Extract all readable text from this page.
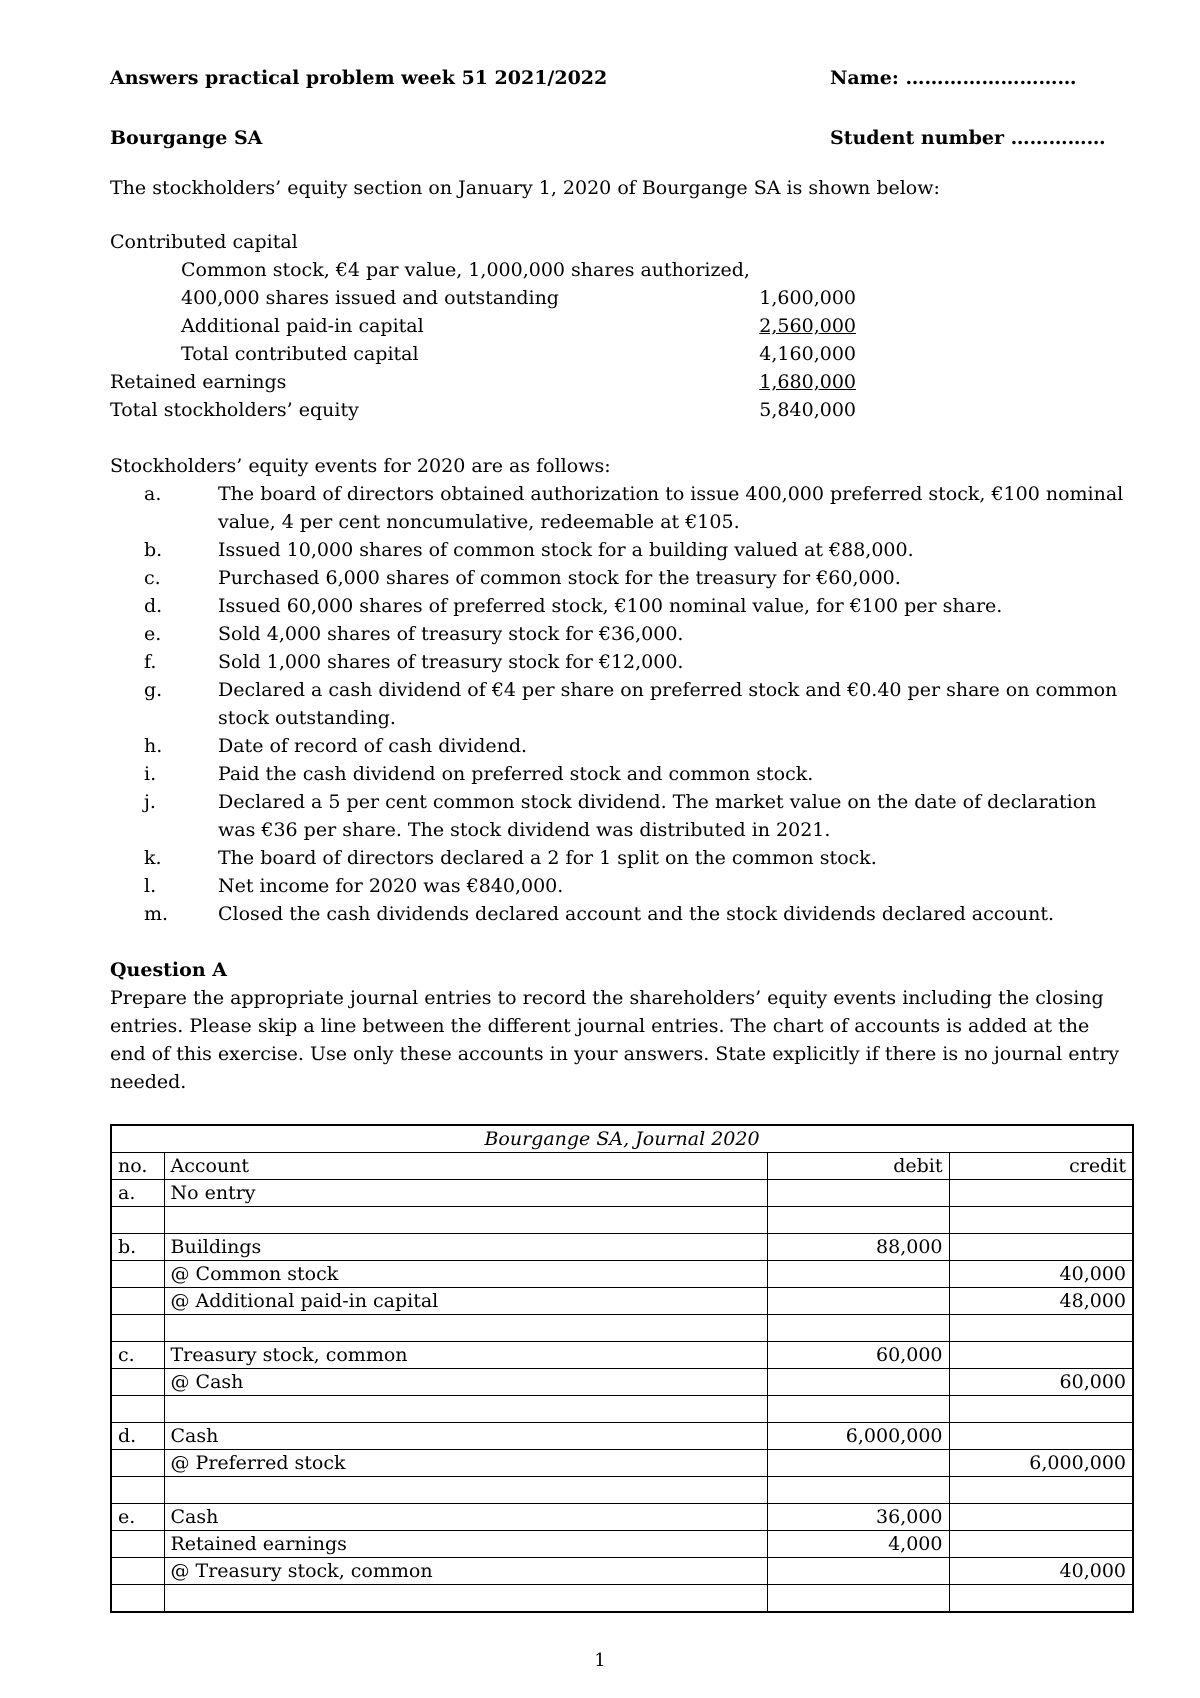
Answers practical problem week 51 2021/2022	Name: ………………………
Bourgange SA	Student number ……………
The stockholders’ equity section on January 1, 2020 of Bourgange SA is shown below:
Contributed capital
Common stock, €4 par value, 1,000,000 shares authorized,
400,000 shares issued and outstanding	1,600,000
Additional paid-in capital	2,560,000
Total contributed capital	4,160,000
Retained earnings	1,680,000
Total stockholders’ equity	5,840,000
Stockholders’ equity events for 2020 are as follows:
a.	The board of directors obtained authorization to issue 400,000 preferred stock, €100 nominal value, 4 per cent noncumulative, redeemable at €105.
b.	Issued 10,000 shares of common stock for a building valued at €88,000.
c.	Purchased 6,000 shares of common stock for the treasury for €60,000.
d.	Issued 60,000 shares of preferred stock, €100 nominal value, for €100 per share.
e.	Sold 4,000 shares of treasury stock for €36,000.
f.	Sold 1,000 shares of treasury stock for €12,000.
g.	Declared a cash dividend of €4 per share on preferred stock and €0.40 per share on common stock outstanding.
h.	Date of record of cash dividend.
i.	Paid the cash dividend on preferred stock and common stock.
j.	Declared a 5 per cent common stock dividend. The market value on the date of declaration was €36 per share. The stock dividend was distributed in 2021.
k.	The board of directors declared a 2 for 1 split on the common stock.
l.	Net income for 2020 was €840,000.
m.	Closed the cash dividends declared account and the stock dividends declared account.
Question A
Prepare the appropriate journal entries to record the shareholders’ equity events including the closing entries. Please skip a line between the different journal entries. The chart of accounts is added at the end of this exercise. Use only these accounts in your answers. State explicitly if there is no journal entry needed.
Bourgange SA, Journal 2020			
no.	Account	debit	credit
a.	No entry		

b.	Buildings	88,000	
	@ Common stock		40,000
	@ Additional paid-in capital		48,000

c.	Treasury stock, common	60,000	
	@ Cash		60,000

d.	Cash	6,000,000	
	@ Preferred stock		6,000,000

e.	Cash	36,000	
	Retained earnings	4,000	
	@ Treasury stock, common		40,000

1
